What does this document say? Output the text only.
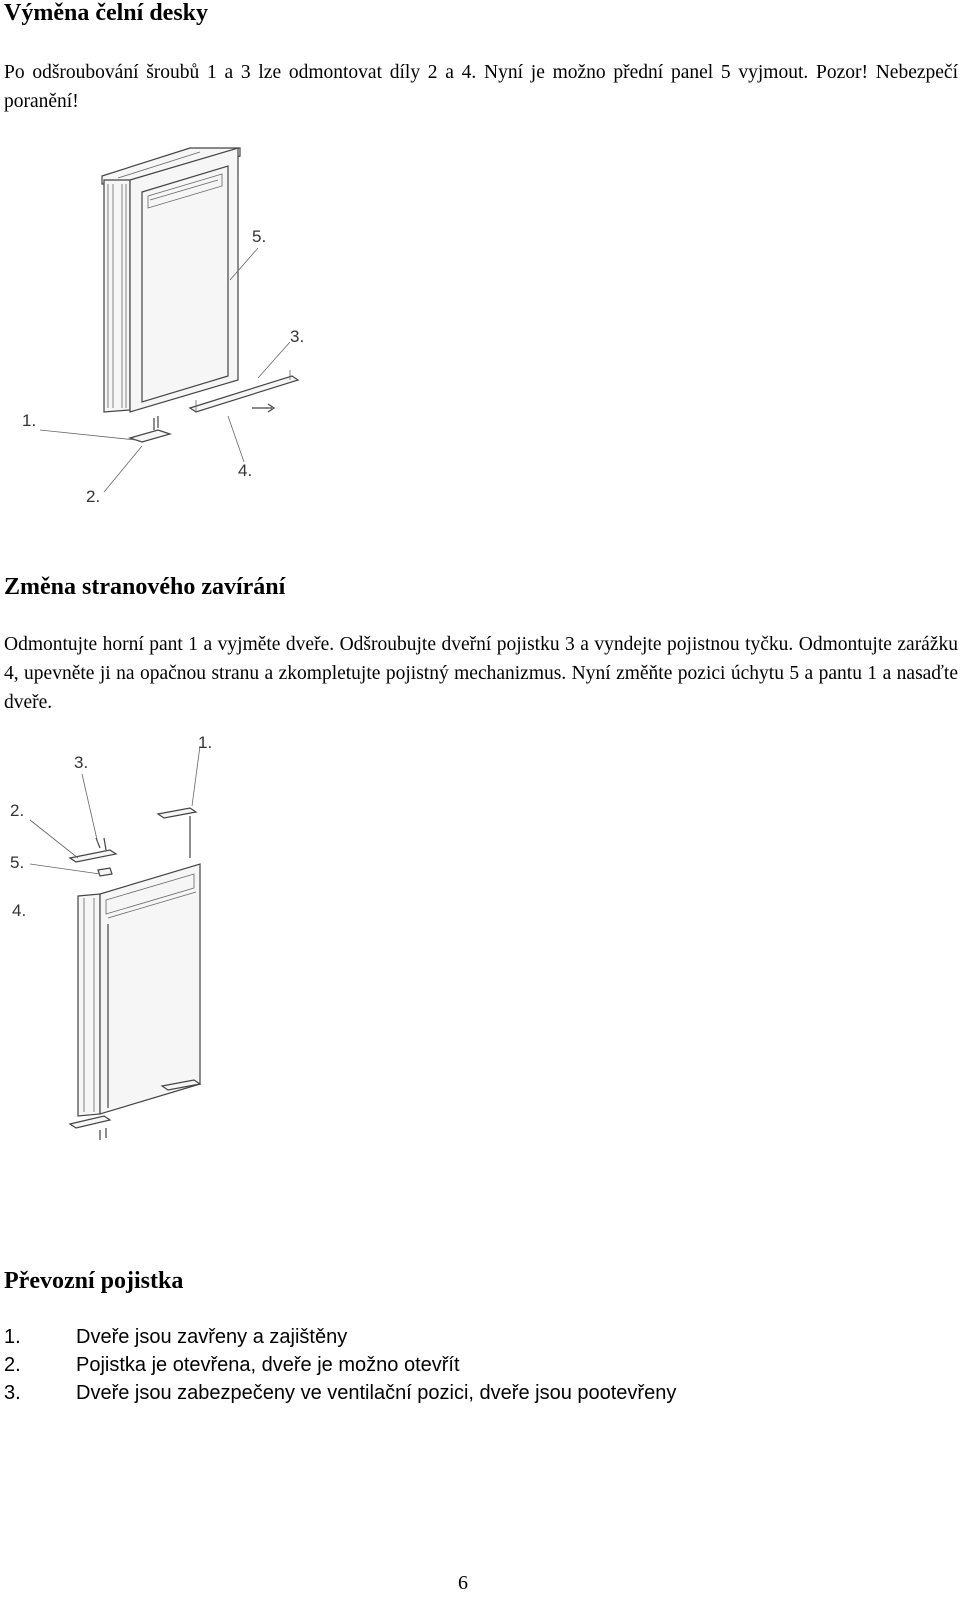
Výměna čelní desky

Po odšroubování šroubů 1 a 3 lze odmontovat díly 2 a 4. Nyní je možno přední panel 5 vyjmout. Pozor! Nebezpečí poranění!

5.
3.
1.
4.
2.
Změna stranového zavírání

Odmontujte horní pant 1 a vyjměte dveře. Odšroubujte dveřní pojistku 3 a vyndejte pojistnou tyčku. Odmontujte zarážku 4, upevněte ji na opačnou stranu a zkompletujte pojistný mechanizmus. Nyní změňte pozici úchytu 5 a pantu 1 a nasaďte dveře.

1.
3.
2.
5.
4.
Převozní pojistka
1.	Dveře jsou zavřeny a zajištěny
2.	Pojistka je otevřena, dveře je možno otevřít
3.	Dveře jsou zabezpečeny ve ventilační pozici, dveře jsou pootevřeny
6
